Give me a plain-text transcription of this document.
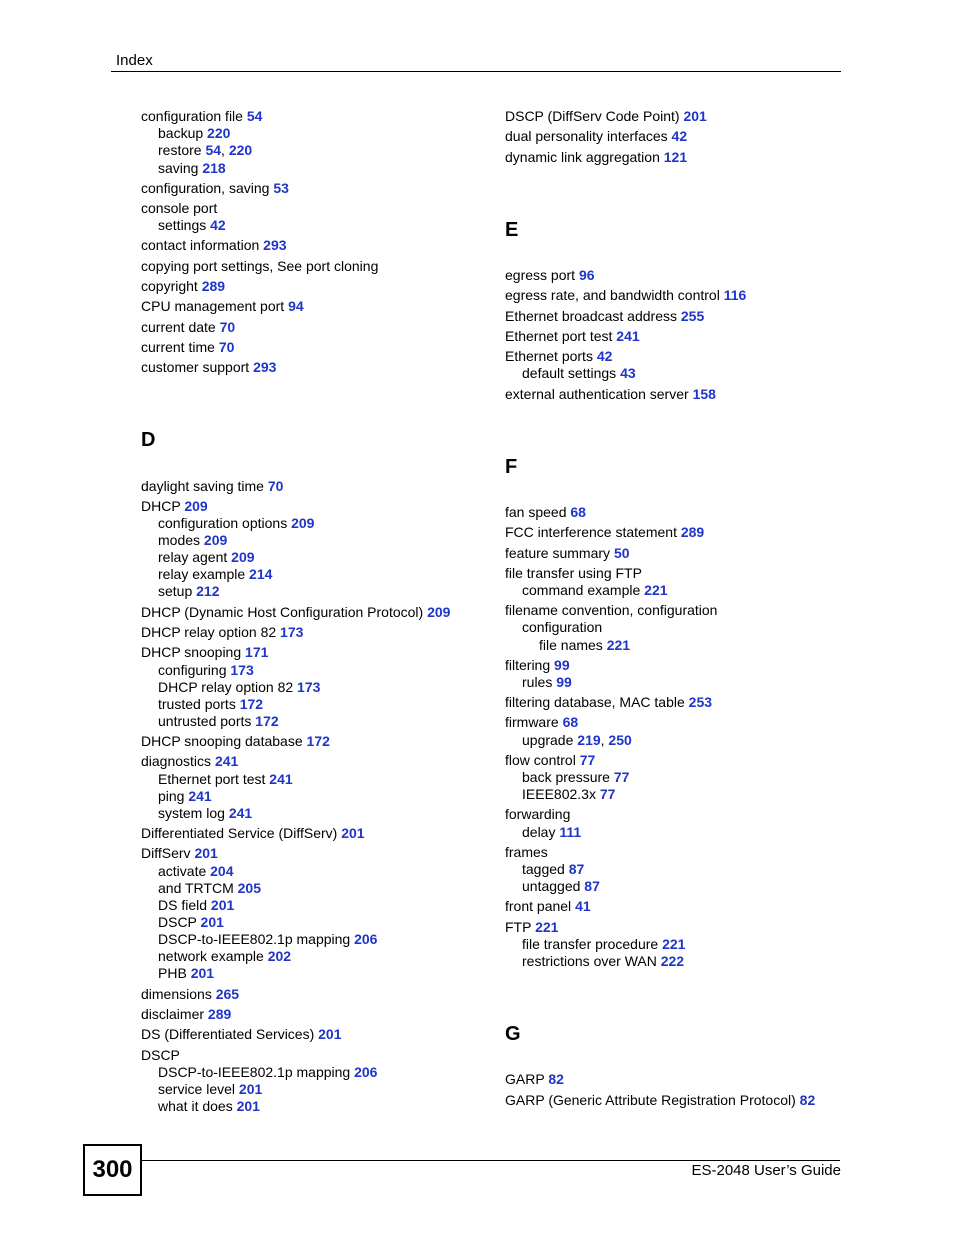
Index
configuration file 54
backup 220
restore 54, 220
saving 218
configuration, saving 53
console port
settings 42
contact information 293
copying port settings, See port cloning
copyright 289
CPU management port 94
current date 70
current time 70
customer support 293
D
daylight saving time 70
DHCP 209
configuration options 209
modes 209
relay agent 209
relay example 214
setup 212
DHCP (Dynamic Host Configuration Protocol) 209
DHCP relay option 82 173
DHCP snooping 171
configuring 173
DHCP relay option 82 173
trusted ports 172
untrusted ports 172
DHCP snooping database 172
diagnostics 241
Ethernet port test 241
ping 241
system log 241
Differentiated Service (DiffServ) 201
DiffServ 201
activate 204
and TRTCM 205
DS field 201
DSCP 201
DSCP-to-IEEE802.1p mapping 206
network example 202
PHB 201
dimensions 265
disclaimer 289
DS (Differentiated Services) 201
DSCP
DSCP-to-IEEE802.1p mapping 206
service level 201
what it does 201
DSCP (DiffServ Code Point) 201
dual personality interfaces 42
dynamic link aggregation 121
E
egress port 96
egress rate, and bandwidth control 116
Ethernet broadcast address 255
Ethernet port test 241
Ethernet ports 42
default settings 43
external authentication server 158
F
fan speed 68
FCC interference statement 289
feature summary 50
file transfer using FTP
command example 221
filename convention, configuration
configuration
file names 221
filtering 99
rules 99
filtering database, MAC table 253
firmware 68
upgrade 219, 250
flow control 77
back pressure 77
IEEE802.3x 77
forwarding
delay 111
frames
tagged 87
untagged 87
front panel 41
FTP 221
file transfer procedure 221
restrictions over WAN 222
G
GARP 82
GARP (Generic Attribute Registration Protocol) 82
300	ES-2048 User’s Guide
